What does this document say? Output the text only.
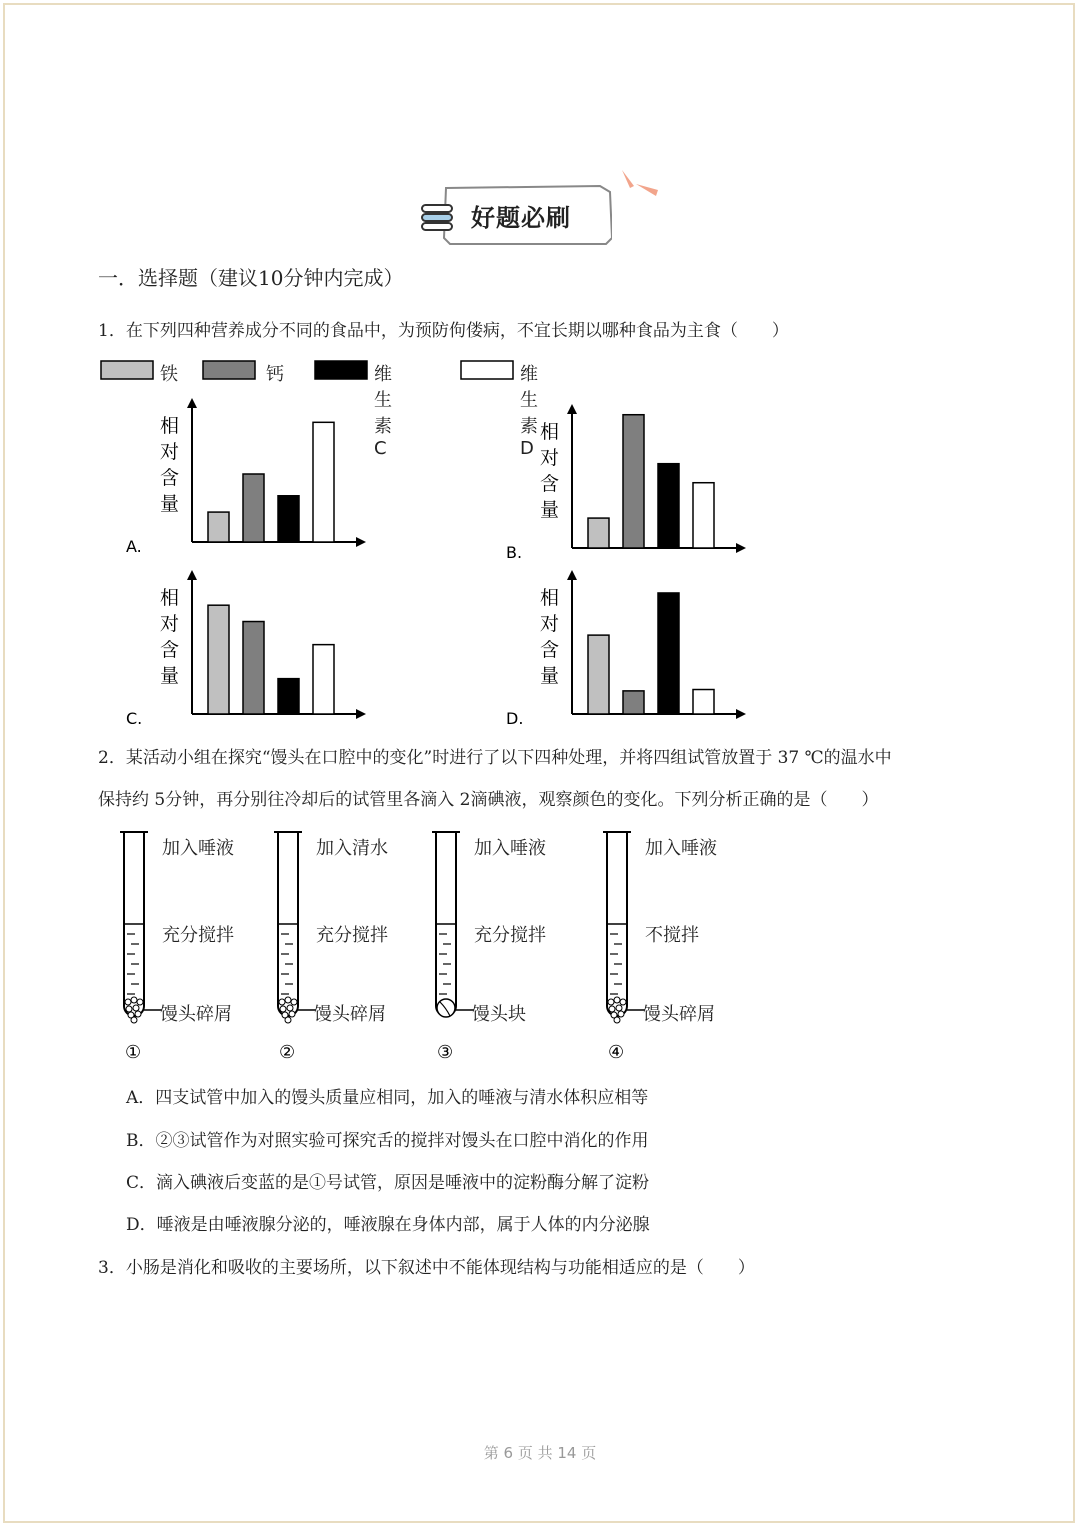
好题必刷
一．选择题（建议10分钟内完成）
1．在下列四种营养成分不同的食品中，为预防佝偻病，不宜长期以哪种食品为主食（　　）
铁	钙	维生素C
维生素D
A.
相
对
含
量
B.
相
对
含
量
C.
相
对
含
量
D.
相
对
含
量
2．某活动小组在探究“馒头在口腔中的变化”时进行了以下四种处理，并将四组试管放置于 37 ℃的温水中
保持约 5分钟，再分别往冷却后的试管里各滴入 2滴碘液，观察颜色的变化。下列分析正确的是（　　）
①
加入唾液
充分搅拌
馒头碎屑
②
加入清水
充分搅拌
馒头碎屑
③
加入唾液
充分搅拌
馒头块
④
加入唾液
不搅拌
馒头碎屑
A．四支试管中加入的馒头质量应相同，加入的唾液与清水体积应相等
B．②③试管作为对照实验可探究舌的搅拌对馒头在口腔中消化的作用
C．滴入碘液后变蓝的是①号试管，原因是唾液中的淀粉酶分解了淀粉
D．唾液是由唾液腺分泌的，唾液腺在身体内部，属于人体的内分泌腺
3．小肠是消化和吸收的主要场所，以下叙述中不能体现结构与功能相适应的是（　　）
第 6 页 共 14 页
